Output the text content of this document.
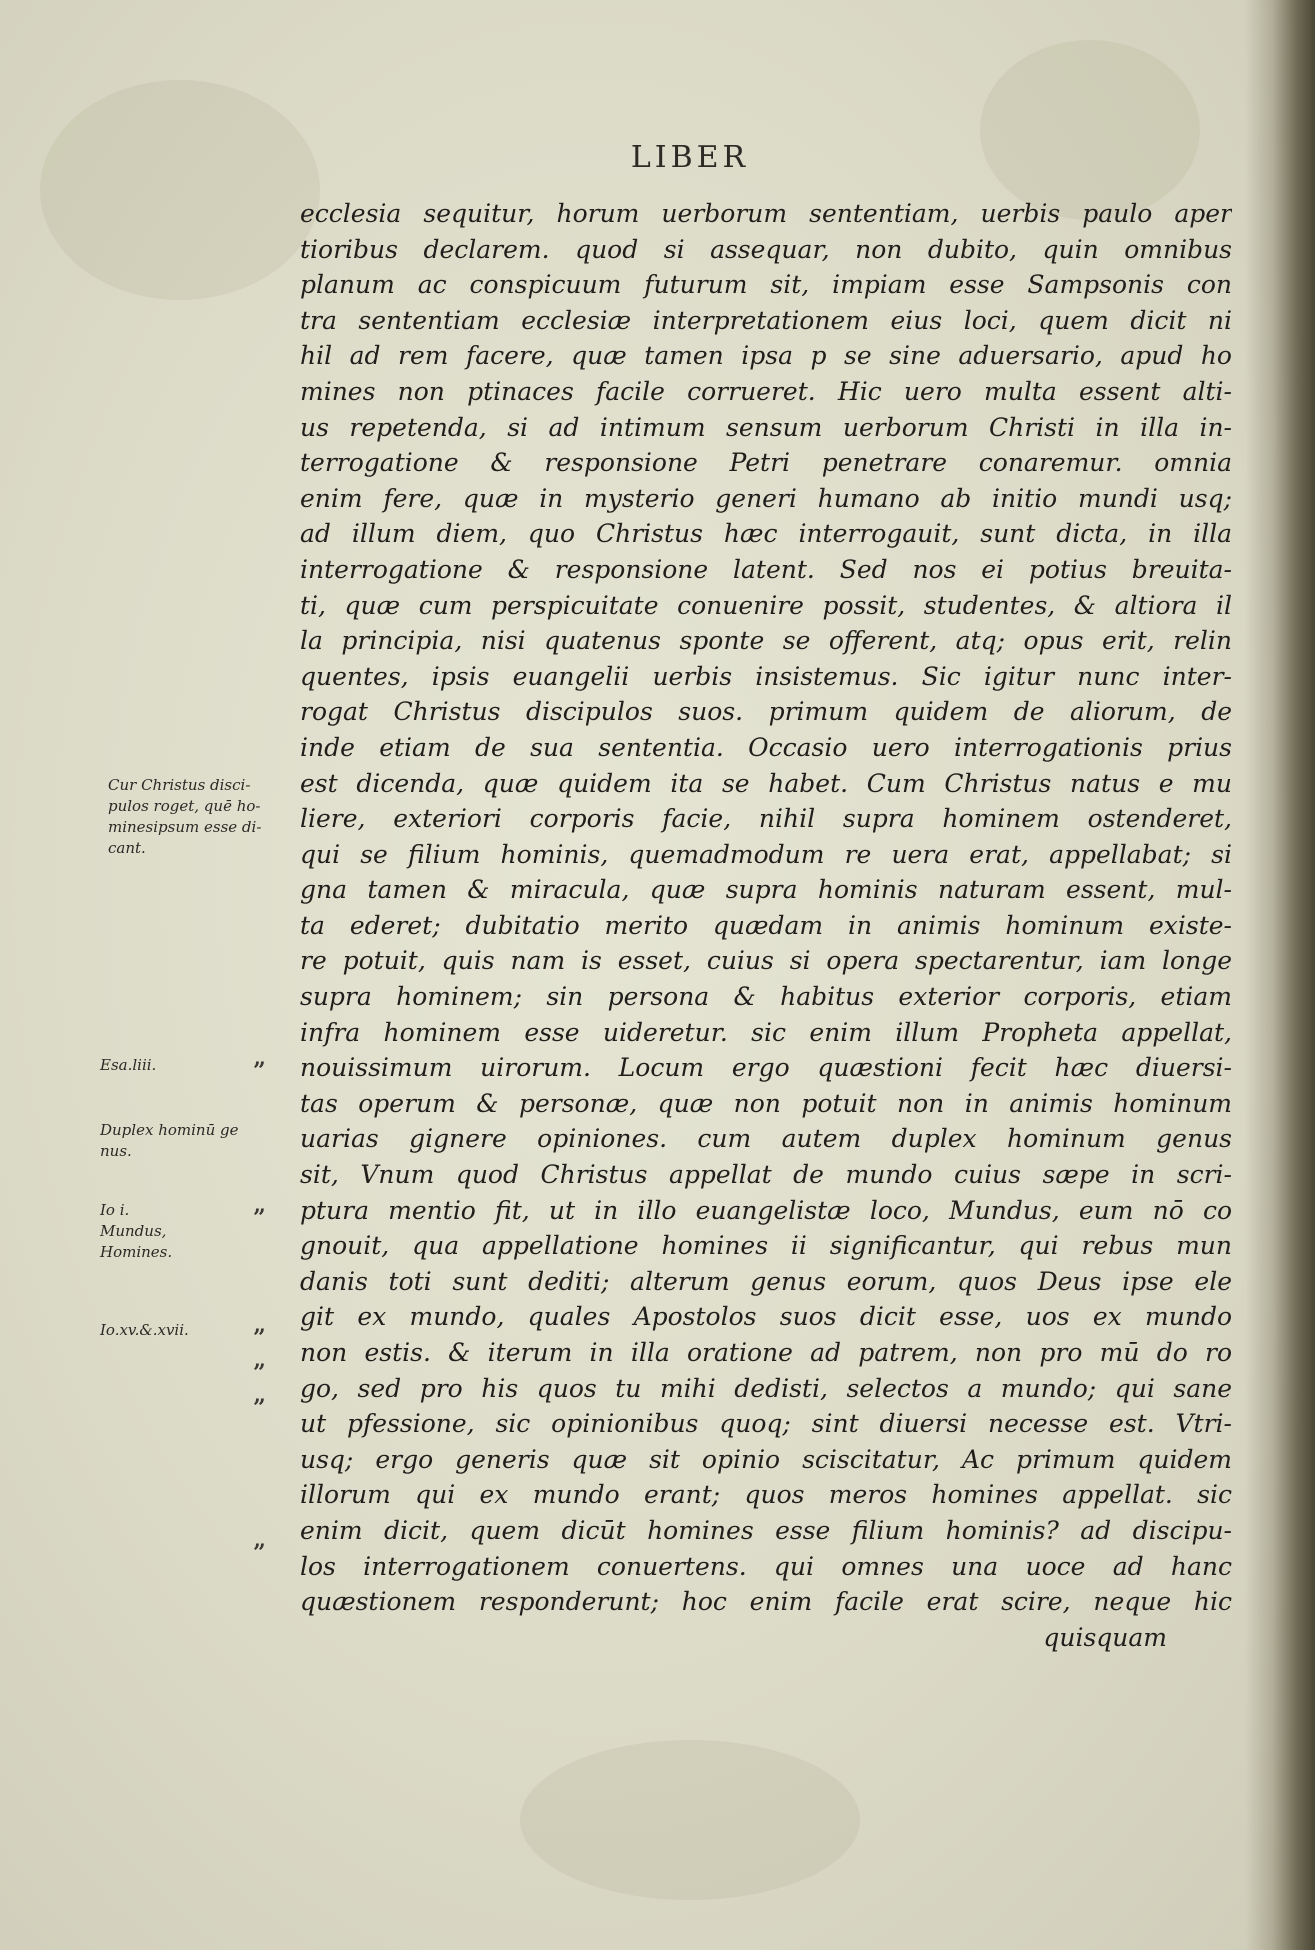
LIBER
ecclesia sequitur, horum uerborum sententiam, uerbis paulo aper
tioribus declarem. quod si assequar, non dubito, quin omnibus
planum ac conspicuum futurum sit, impiam esse Sampsonis con
tra sententiam ecclesiæ interpretationem eius loci, quem dicit ni
hil ad rem facere, quæ tamen ipsa p se sine aduersario, apud ho
mines non ptinaces facile corrueret. Hic uero multa essent alti-
us repetenda, si ad intimum sensum uerborum Christi in illa in-
terrogatione & responsione Petri penetrare conaremur. omnia
enim fere, quæ in mysterio generi humano ab initio mundi usq;
ad illum diem, quo Christus hæc interrogauit, sunt dicta, in illa
interrogatione & responsione latent. Sed nos ei potius breuita-
ti, quæ cum perspicuitate conuenire possit, studentes, & altiora il
la principia, nisi quatenus sponte se offerent, atq; opus erit, relin
quentes, ipsis euangelii uerbis insistemus. Sic igitur nunc inter-
rogat Christus discipulos suos. primum quidem de aliorum, de
inde etiam de sua sententia. Occasio uero interrogationis prius
est dicenda, quæ quidem ita se habet. Cum Christus natus e mu
liere, exteriori corporis facie, nihil supra hominem ostenderet,
qui se filium hominis, quemadmodum re uera erat, appellabat; si
gna tamen & miracula, quæ supra hominis naturam essent, mul-
ta ederet; dubitatio merito quædam in animis hominum existe-
re potuit, quis nam is esset, cuius si opera spectarentur, iam longe
supra hominem; sin persona & habitus exterior corporis, etiam
infra hominem esse uideretur. sic enim illum Propheta appellat,
nouissimum uirorum. Locum ergo quæstioni fecit hæc diuersi-
tas operum & personæ, quæ non potuit non in animis hominum
uarias gignere opiniones. cum autem duplex hominum genus
sit, Vnum quod Christus appellat de mundo cuius sæpe in scri-
ptura mentio fit, ut in illo euangelistæ loco, Mundus, eum nō co
gnouit, qua appellatione homines ii significantur, qui rebus mun
danis toti sunt dediti; alterum genus eorum, quos Deus ipse ele
git ex mundo, quales Apostolos suos dicit esse, uos ex mundo
non estis. & iterum in illa oratione ad patrem, non pro mū do ro
go, sed pro his quos tu mihi dedisti, selectos a mundo; qui sane
ut pfessione, sic opinionibus quoq; sint diuersi necesse est. Vtri-
usq; ergo generis quæ sit opinio sciscitatur, Ac primum quidem
illorum qui ex mundo erant; quos meros homines appellat. sic
enim dicit, quem dicūt homines esse filium hominis? ad discipu-
los interrogationem conuertens. qui omnes una uoce ad hanc
quæstionem responderunt; hoc enim facile erat scire, neque hic
quisquam
Cur Christus disci-
pulos roget, quē ho-
minesipsum esse di-
cant.
Esa.liii.
Duplex hominū ge
nus.
Io i.
Mundus,
Homines.
Io.xv.&.xvii.
”
”
”
”
”
”
